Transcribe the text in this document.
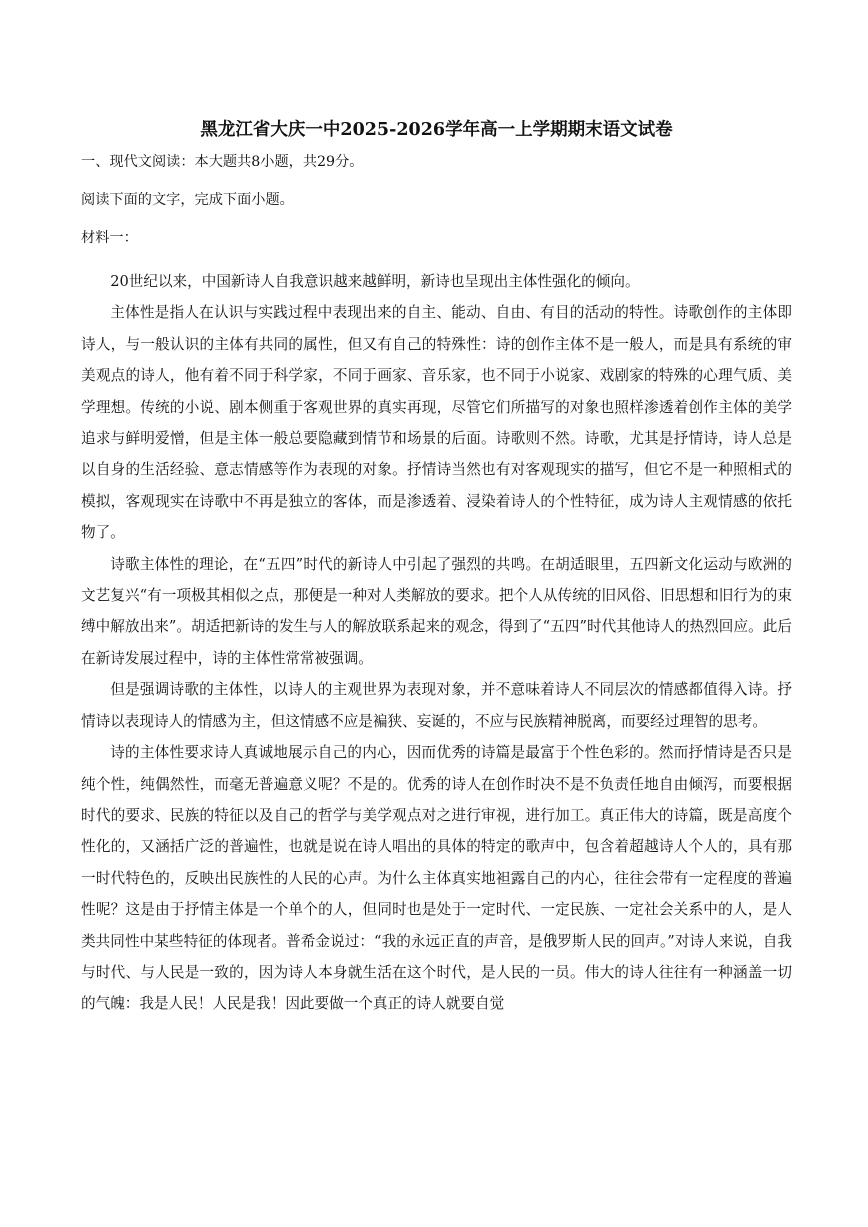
黑龙江省大庆一中2025-2026学年高一上学期期末语文试卷
一、现代文阅读：本大题共8小题，共29分。
阅读下面的文字，完成下面小题。
材料一：

20世纪以来，中国新诗人自我意识越来越鲜明，新诗也呈现出主体性强化的倾向。

主体性是指人在认识与实践过程中表现出来的自主、能动、自由、有目的活动的特性。诗歌创作的主体即诗人，与一般认识的主体有共同的属性，但又有自己的特殊性：诗的创作主体不是一般人，而是具有系统的审美观点的诗人，他有着不同于科学家，不同于画家、音乐家，也不同于小说家、戏剧家的特殊的心理气质、美学理想。传统的小说、剧本侧重于客观世界的真实再现，尽管它们所描写的对象也照样渗透着创作主体的美学追求与鲜明爱憎，但是主体一般总要隐藏到情节和场景的后面。诗歌则不然。诗歌，尤其是抒情诗，诗人总是以自身的生活经验、意志情感等作为表现的对象。抒情诗当然也有对客观现实的描写，但它不是一种照相式的模拟，客观现实在诗歌中不再是独立的客体，而是渗透着、浸染着诗人的个性特征，成为诗人主观情感的依托物了。

诗歌主体性的理论，在“五四”时代的新诗人中引起了强烈的共鸣。在胡适眼里，五四新文化运动与欧洲的文艺复兴“有一项极其相似之点，那便是一种对人类解放的要求。把个人从传统的旧风俗、旧思想和旧行为的束缚中解放出来”。胡适把新诗的发生与人的解放联系起来的观念，得到了“五四”时代其他诗人的热烈回应。此后在新诗发展过程中，诗的主体性常常被强调。

但是强调诗歌的主体性，以诗人的主观世界为表现对象，并不意味着诗人不同层次的情感都值得入诗。抒情诗以表现诗人的情感为主，但这情感不应是褊狭、妄诞的，不应与民族精神脱离，而要经过理智的思考。

诗的主体性要求诗人真诚地展示自己的内心，因而优秀的诗篇是最富于个性色彩的。然而抒情诗是否只是纯个性，纯偶然性，而毫无普遍意义呢？不是的。优秀的诗人在创作时决不是不负责任地自由倾泻，而要根据时代的要求、民族的特征以及自己的哲学与美学观点对之进行审视，进行加工。真正伟大的诗篇，既是高度个性化的，又涵括广泛的普遍性，也就是说在诗人唱出的具体的特定的歌声中，包含着超越诗人个人的，具有那一时代特色的，反映出民族性的人民的心声。为什么主体真实地袒露自己的内心，往往会带有一定程度的普遍性呢？这是由于抒情主体是一个单个的人，但同时也是处于一定时代、一定民族、一定社会关系中的人，是人类共同性中某些特征的体现者。普希金说过：“我的永远正直的声音，是俄罗斯人民的回声。”对诗人来说，自我与时代、与人民是一致的，因为诗人本身就生活在这个时代，是人民的一员。伟大的诗人往往有一种涵盖一切的气魄：我是人民！人民是我！因此要做一个真正的诗人就要自觉
